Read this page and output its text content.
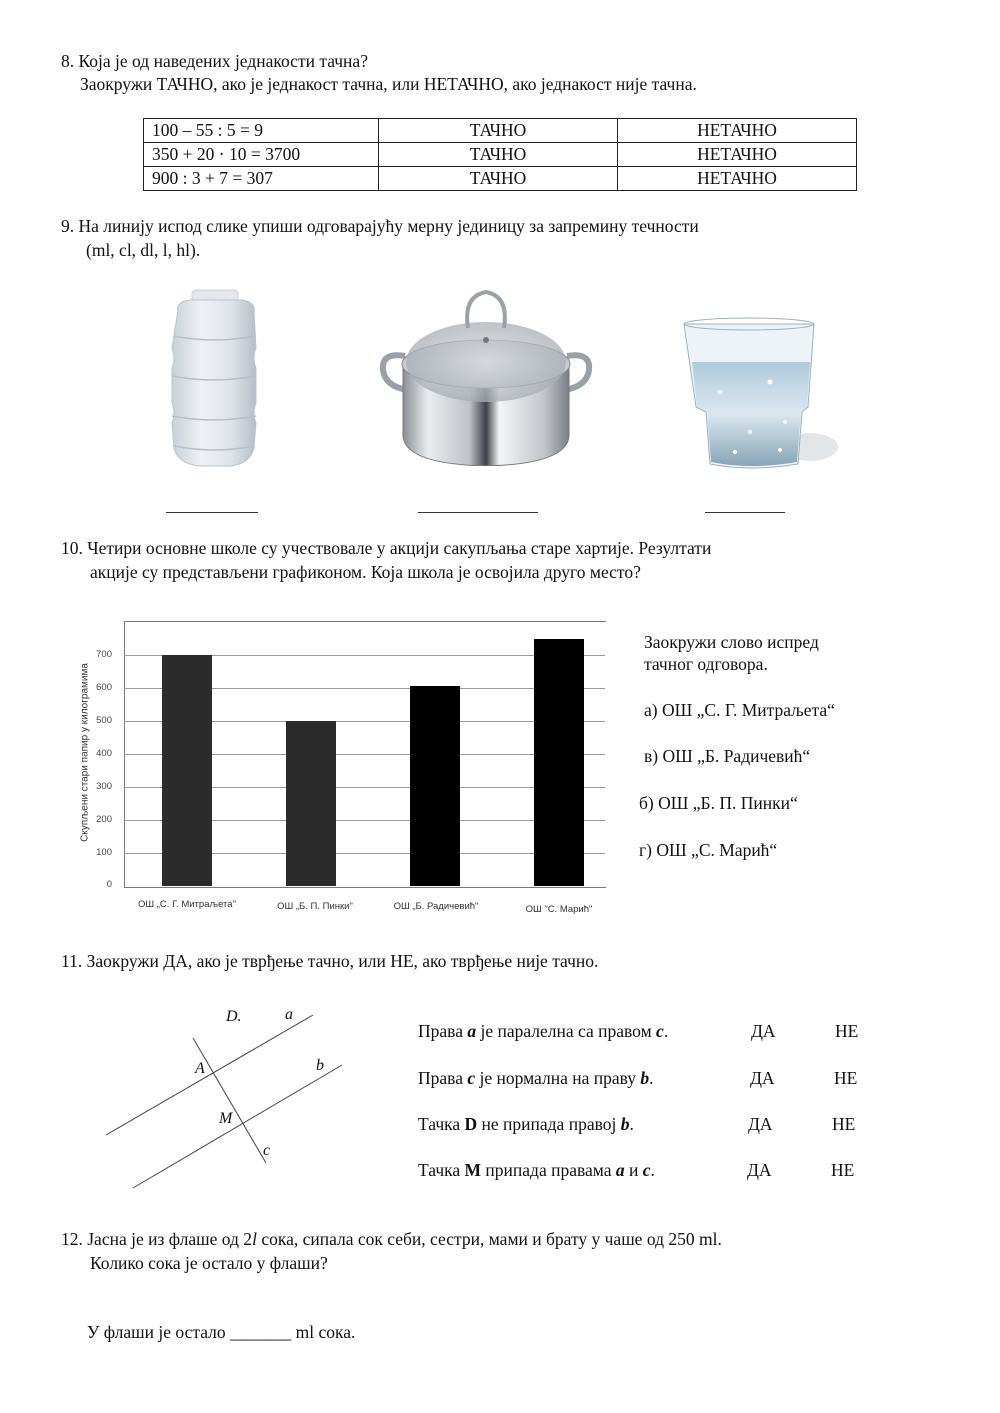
8. Која је од наведених једнакости тачна?
Заокружи ТАЧНО, ако је једнакост тачна, или НЕТАЧНО, ако једнакост није тачна.
100 – 55 : 5 = 9	ТАЧНО	НЕТАЧНО
350 + 20 · 10 = 3700	ТАЧНО	НЕТАЧНО
900 : 3 + 7 = 307	ТАЧНО	НЕТАЧНО
9. На линију испод слике упиши одговарајућу мерну јединицу за запремину течности
(ml, cl, dl, l, hl).
10. Четири основне школе су учествовале у акцији сакупљања старе хартије. Резултати
акције су представљени графиконом. Која школа је освојила друго место?
Скупљени стари папир у килограмима
700
600
500
400
300
200
100
0
ОШ „С. Г. Митраљета"	ОШ „Б. П. Пинки"	ОШ „Б. Радичевић"	ОШ "С. Марић"
Заокружи слово испред
тачног одговора.
а) ОШ „С. Г. Митраљета“
в) ОШ „Б. Радичевић“
б) ОШ „Б. П. Пинки“
г) ОШ „С. Марић“
11. Заокружи ДА, ако је тврђење тачно, или НЕ, ако тврђење није тачно.
D.	a
A	b
M
c
Права a је паралелна са правом c.	ДА	НЕ
Права c је нормална на праву b.	ДА	НЕ
Тачка D не припада правој b.	ДА	НЕ
Тачка M припада правама a и c.	ДА	НЕ
12. Јасна је из флаше од 2l сока, сипала сок себи, сестри, мами и брату у чаше од 250 ml.
Колико сока је остало у флаши?
У флаши је остало _______ ml сока.
